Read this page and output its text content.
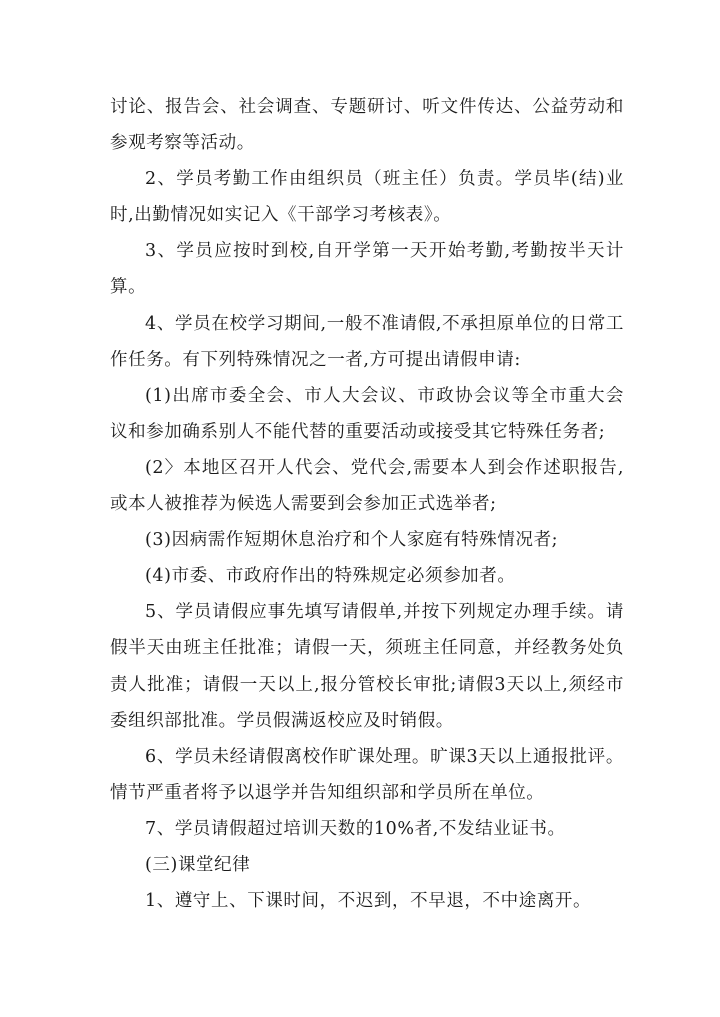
讨论、报告会、社会调查、专题研讨、听文件传达、公益劳动和参观考察等活动。

2、学员考勤工作由组织员（班主任）负责。学员毕(结)业时,出勤情况如实记入《干部学习考核表》。

3、学员应按时到校,自开学第一天开始考勤,考勤按半天计算。

4、学员在校学习期间,一般不准请假,不承担原单位的日常工作任务。有下列特殊情况之一者,方可提出请假申请:

(1)出席市委全会、市人大会议、市政协会议等全市重大会议和参加确系别人不能代替的重要活动或接受其它特殊任务者;

(2〉本地区召开人代会、党代会,需要本人到会作述职报告,或本人被推荐为候选人需要到会参加正式选举者;

(3)因病需作短期休息治疗和个人家庭有特殊情况者;

(4)市委、市政府作出的特殊规定必须参加者。

5、学员请假应事先填写请假单,并按下列规定办理手续。请假半天由班主任批准；请假一天，须班主任同意，并经教务处负责人批准；请假一天以上,报分管校长审批;请假3天以上,须经市委组织部批准。学员假满返校应及时销假。

6、学员未经请假离校作旷课处理。旷课3天以上通报批评。情节严重者将予以退学并告知组织部和学员所在单位。

7、学员请假超过培训天数的10%者,不发结业证书。

(三)课堂纪律

1、遵守上、下课时间，不迟到，不早退，不中途离开。
